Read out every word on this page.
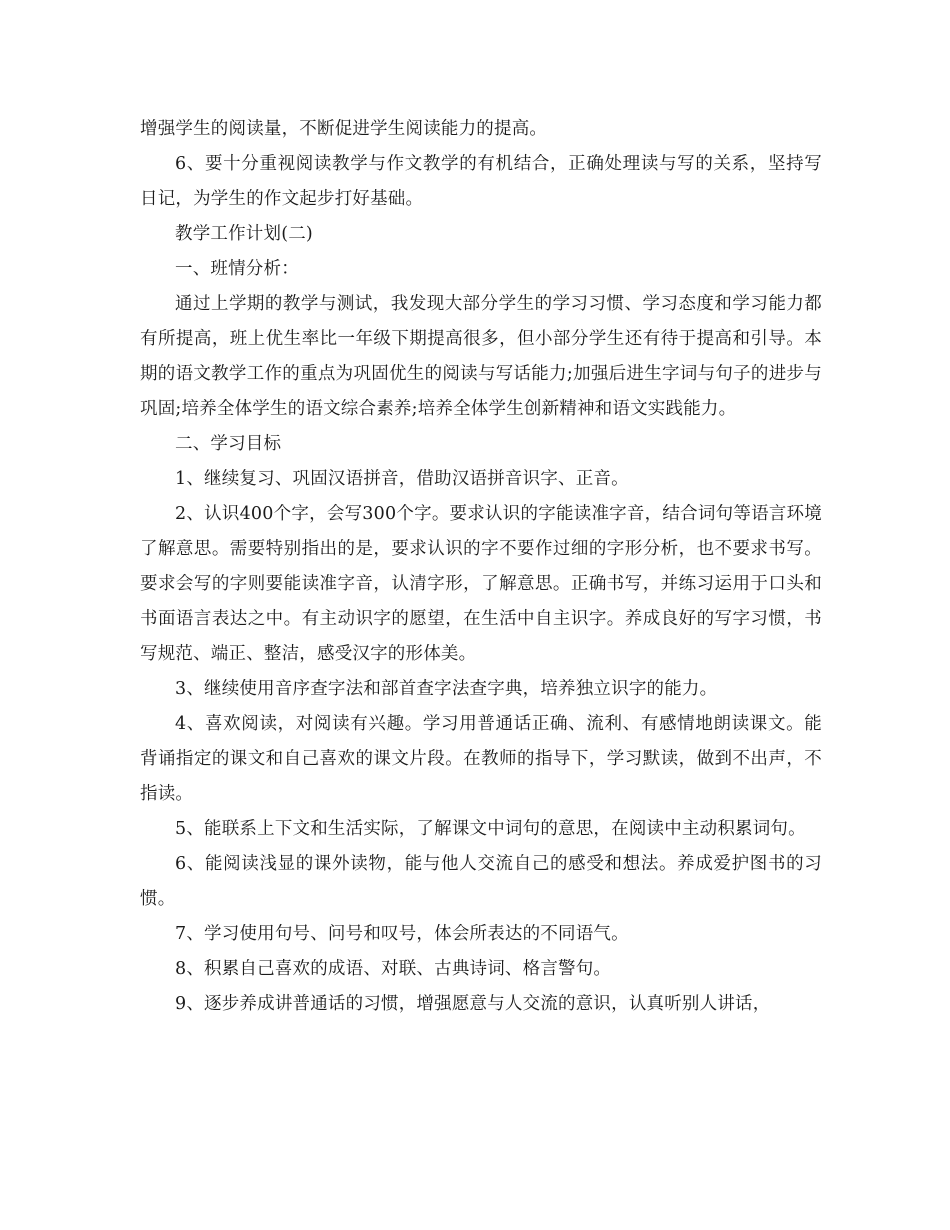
增强学生的阅读量，不断促进学生阅读能力的提高。

6、要十分重视阅读教学与作文教学的有机结合，正确处理读与写的关系，坚持写日记，为学生的作文起步打好基础。

教学工作计划(二)

一、班情分析：

通过上学期的教学与测试，我发现大部分学生的学习习惯、学习态度和学习能力都有所提高，班上优生率比一年级下期提高很多，但小部分学生还有待于提高和引导。本期的语文教学工作的重点为巩固优生的阅读与写话能力;加强后进生字词与句子的进步与巩固;培养全体学生的语文综合素养;培养全体学生创新精神和语文实践能力。

二、学习目标

1、继续复习、巩固汉语拼音，借助汉语拼音识字、正音。

2、认识400个字，会写300个字。要求认识的字能读准字音，结合词句等语言环境了解意思。需要特别指出的是，要求认识的字不要作过细的字形分析，也不要求书写。要求会写的字则要能读准字音，认清字形，了解意思。正确书写，并练习运用于口头和书面语言表达之中。有主动识字的愿望，在生活中自主识字。养成良好的写字习惯，书写规范、端正、整洁，感受汉字的形体美。

3、继续使用音序查字法和部首查字法查字典，培养独立识字的能力。

4、喜欢阅读，对阅读有兴趣。学习用普通话正确、流利、有感情地朗读课文。能背诵指定的课文和自己喜欢的课文片段。在教师的指导下，学习默读，做到不出声，不指读。

5、能联系上下文和生活实际，了解课文中词句的意思，在阅读中主动积累词句。

6、能阅读浅显的课外读物，能与他人交流自己的感受和想法。养成爱护图书的习惯。

7、学习使用句号、问号和叹号，体会所表达的不同语气。

8、积累自己喜欢的成语、对联、古典诗词、格言警句。

9、逐步养成讲普通话的习惯，增强愿意与人交流的意识，认真听别人讲话，
